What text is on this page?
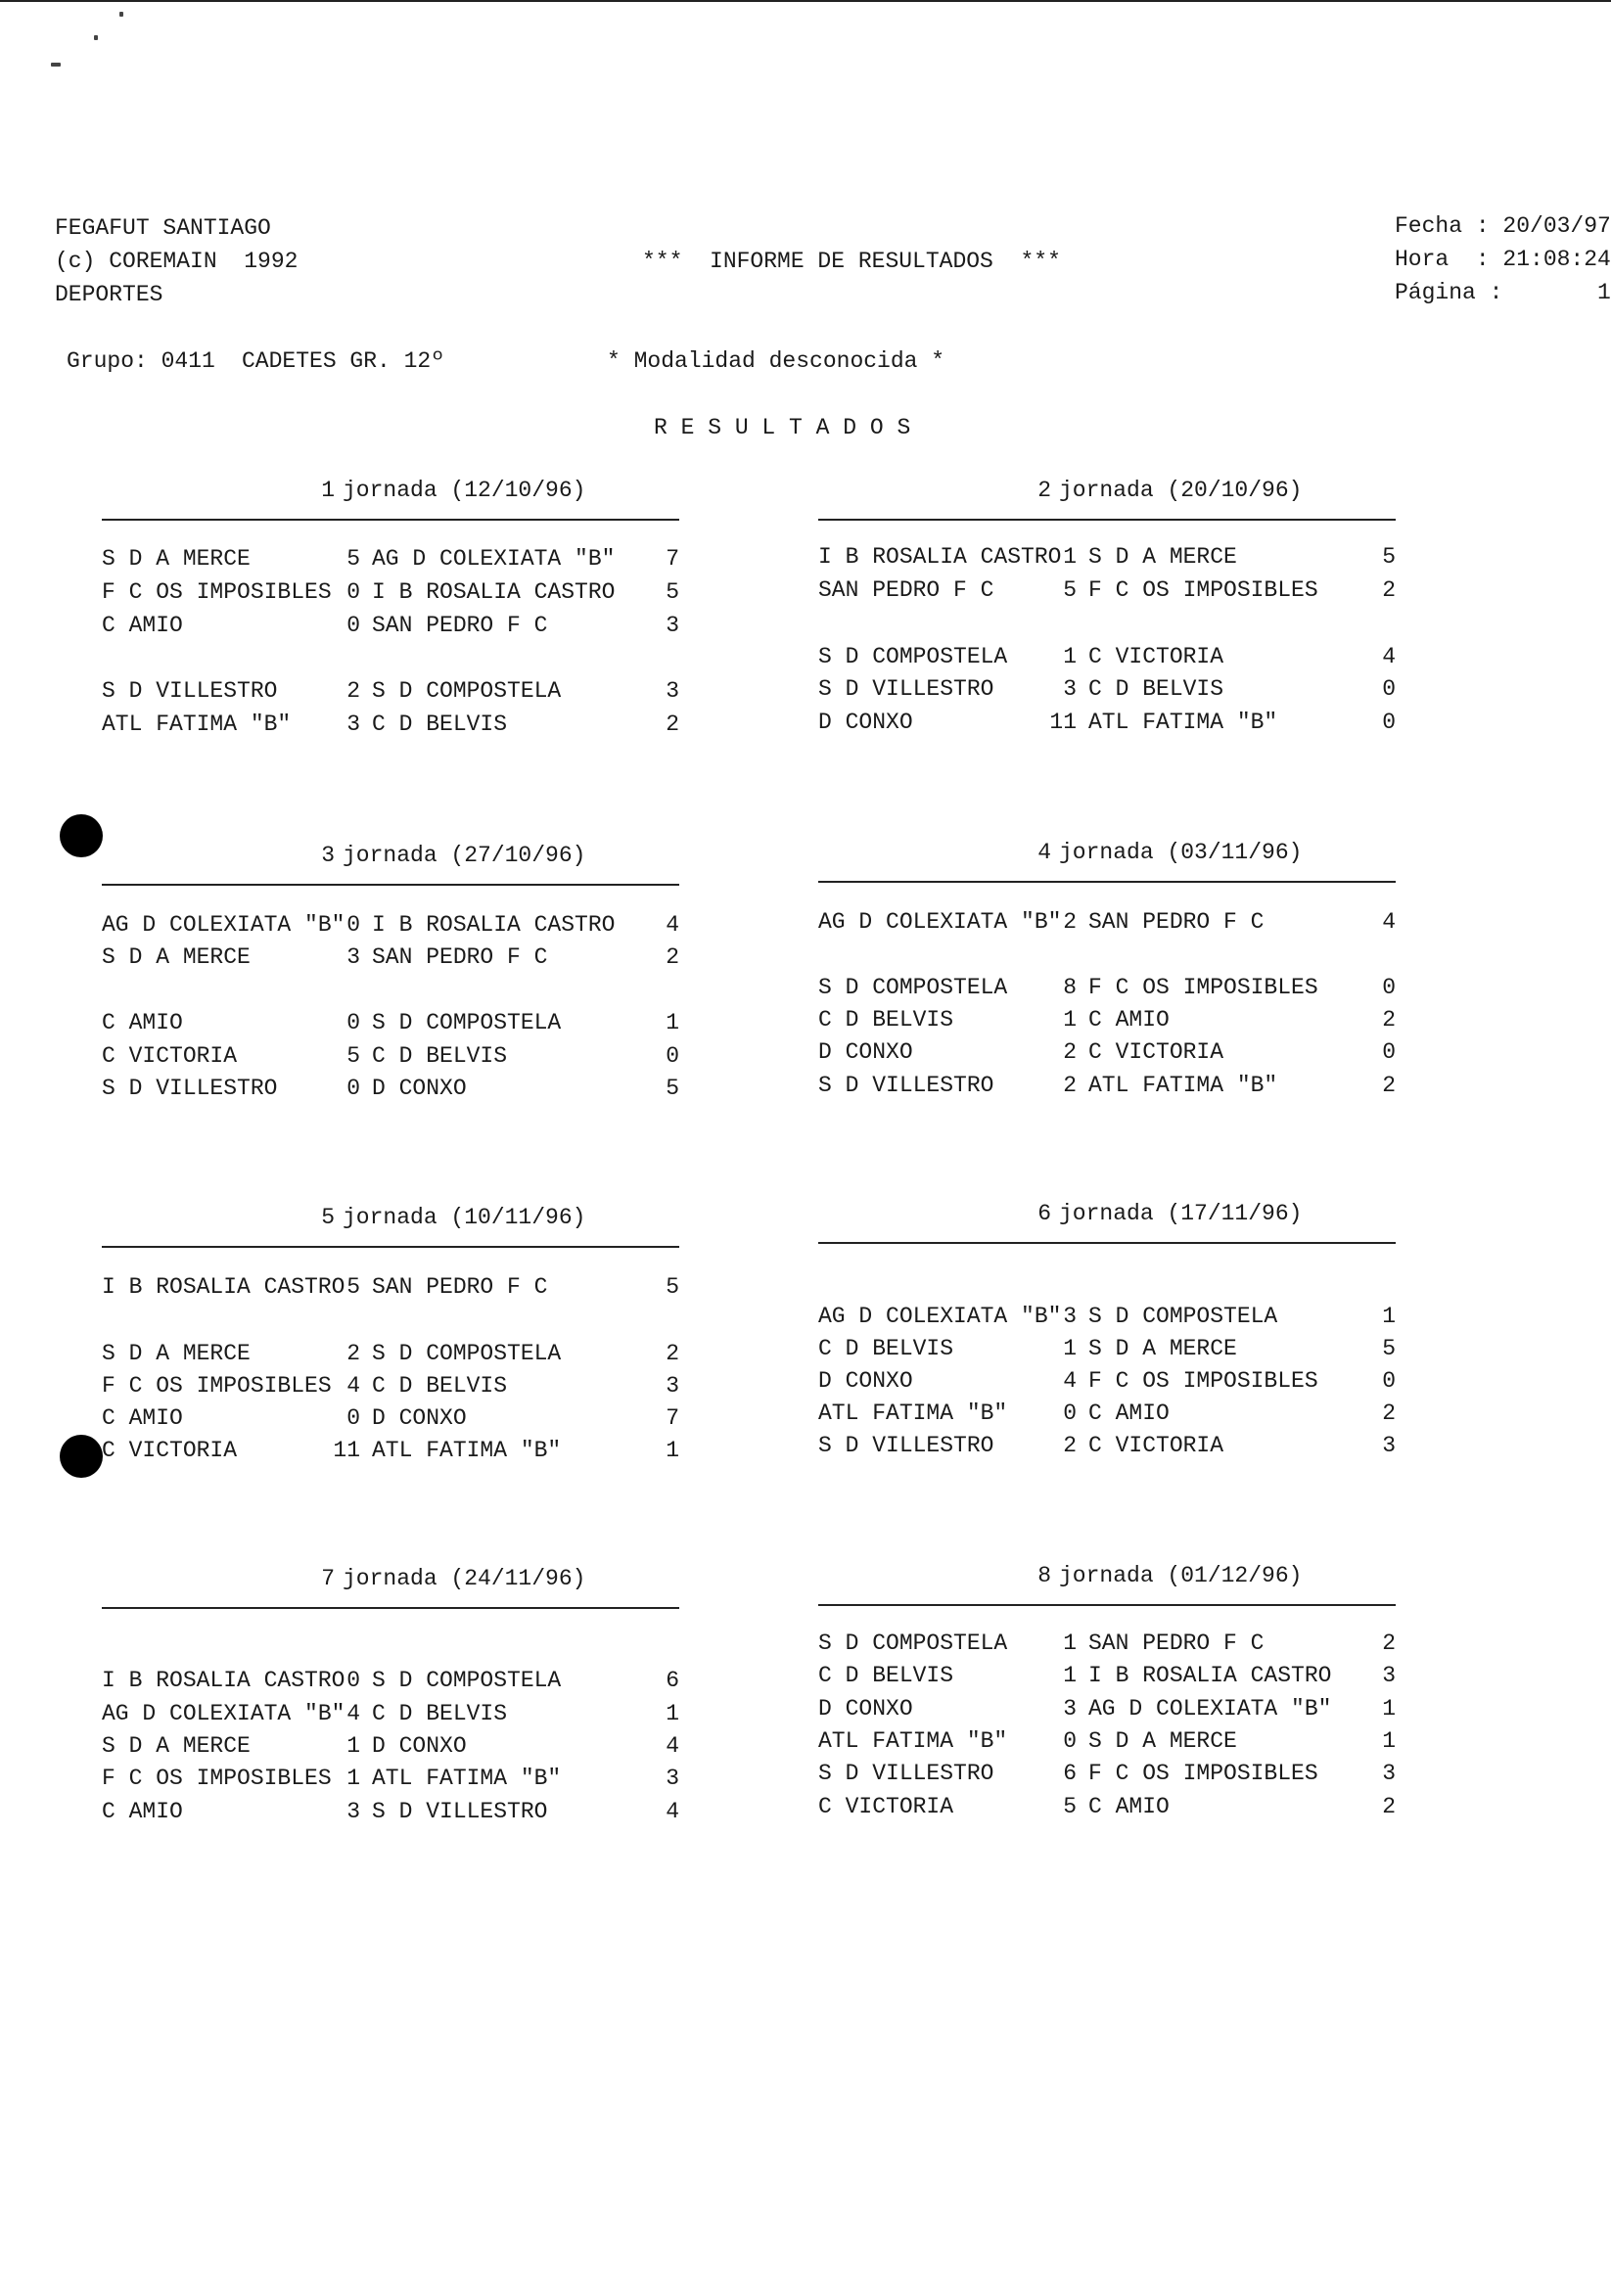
FEGAFUT SANTIAGO
(c) COREMAIN  1992
DEPORTES
***  INFORME DE RESULTADOS  ***
Fecha : 20/03/97
Hora  : 21:08:24
Página :       1
Grupo: 0411 CADETES GR. 12º	* Modalidad desconocida *
R E S U L T A D O S
1 jornada (12/10/96)
S D A MERCE	5 AG D COLEXIATA "B"	7
F C OS IMPOSIBLES 0 I B ROSALIA CASTRO	5
C AMIO	0 SAN PEDRO F C	3
S D VILLESTRO	2 S D COMPOSTELA	3
ATL FATIMA "B"	3 C D BELVIS	2
2 jornada (20/10/96)
I B ROSALIA CASTRO 1 S D A MERCE	5
SAN PEDRO F C	5 F C OS IMPOSIBLES	2
S D COMPOSTELA	1 C VICTORIA	4
S D VILLESTRO	3 C D BELVIS	0
D CONXO	11 ATL FATIMA "B"	0
3 jornada (27/10/96)
AG D COLEXIATA "B" 0 I B ROSALIA CASTRO	4
S D A MERCE	3 SAN PEDRO F C	2
C AMIO	0 S D COMPOSTELA	1
C VICTORIA	5 C D BELVIS	0
S D VILLESTRO	0 D CONXO	5
4 jornada (03/11/96)
AG D COLEXIATA "B" 2 SAN PEDRO F C	4
S D COMPOSTELA	8 F C OS IMPOSIBLES	0
C D BELVIS	1 C AMIO	2
D CONXO	2 C VICTORIA	0
S D VILLESTRO	2 ATL FATIMA "B"	2
5 jornada (10/11/96)
I B ROSALIA CASTRO 5 SAN PEDRO F C	5
S D A MERCE	2 S D COMPOSTELA	2
F C OS IMPOSIBLES 4 C D BELVIS	3
C AMIO	0 D CONXO	7
C VICTORIA	11 ATL FATIMA "B"	1
6 jornada (17/11/96)
AG D COLEXIATA "B" 3 S D COMPOSTELA	1
C D BELVIS	1 S D A MERCE	5
D CONXO	4 F C OS IMPOSIBLES	0
ATL FATIMA "B"	0 C AMIO	2
S D VILLESTRO	2 C VICTORIA	3
7 jornada (24/11/96)
I B ROSALIA CASTRO 0 S D COMPOSTELA	6
AG D COLEXIATA "B" 4 C D BELVIS	1
S D A MERCE	1 D CONXO	4
F C OS IMPOSIBLES 1 ATL FATIMA "B"	3
C AMIO	3 S D VILLESTRO	4
8 jornada (01/12/96)
S D COMPOSTELA	1 SAN PEDRO F C	2
C D BELVIS	1 I B ROSALIA CASTRO	3
D CONXO	3 AG D COLEXIATA "B"	1
ATL FATIMA "B"	0 S D A MERCE	1
S D VILLESTRO	6 F C OS IMPOSIBLES	3
C VICTORIA	5 C AMIO	2
